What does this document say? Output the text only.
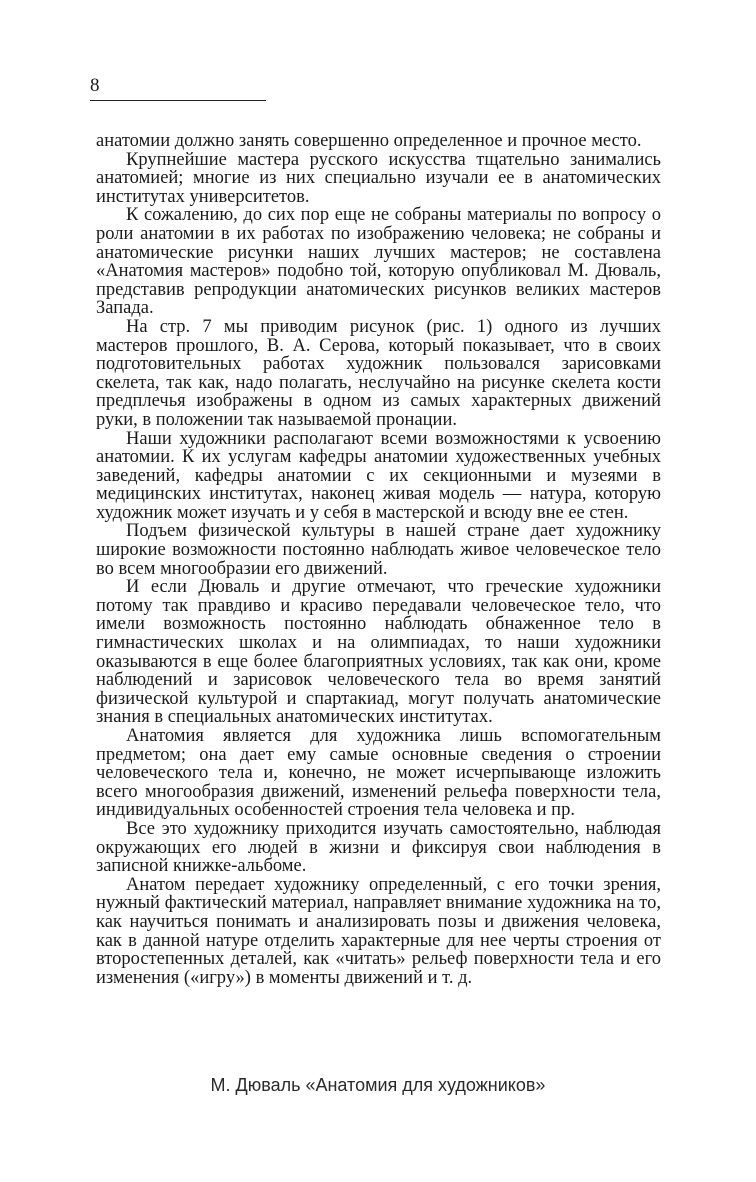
8

анатомии должно занять совершенно определенное и прочное место.

Крупнейшие мастера русского искусства тщательно занимались анатомией; многие из них специально изучали ее в анатомических институтах университетов.

К сожалению, до сих пор еще не собраны материалы по вопросу о роли анатомии в их работах по изображению человека; не собраны и анатомические рисунки наших лучших мастеров; не составлена «Анатомия мастеров» подобно той, которую опубликовал М. Дюваль, представив репродукции анатомических рисунков великих мастеров Запада.

На стр. 7 мы приводим рисунок (рис. 1) одного из лучших мастеров прошлого, В. А. Серова, который показывает, что в своих подготовительных работах художник пользовался зарисовками скелета, так как, надо полагать, неслучайно на рисунке скелета кости предплечья изображены в одном из самых характерных движений руки, в положении так называемой пронации.

Наши художники располагают всеми возможностями к усвоению анатомии. К их услугам кафедры анатомии художественных учебных заведений, кафедры анатомии с их секционными и музеями в медицинских институтах, наконец живая модель — натура, которую художник может изучать и у себя в мастерской и всюду вне ее стен.

Подъем физической культуры в нашей стране дает художнику широкие возможности постоянно наблюдать живое человеческое тело во всем многообразии его движений.

И если Дюваль и другие отмечают, что греческие художники потому так правдиво и красиво передавали человеческое тело, что имели возможность постоянно наблюдать обнаженное тело в гимнастических школах и на олимпиадах, то наши художники оказываются в еще более благоприятных условиях, так как они, кроме наблюдений и зарисовок человеческого тела во время занятий физической культурой и спартакиад, могут получать анатомические знания в специальных анатомических институтах.

Анатомия является для художника лишь вспомогательным предметом; она дает ему самые основные сведения о строении человеческого тела и, конечно, не может исчерпывающе изложить всего многообразия движений, изменений рельефа поверхности тела, индивидуальных особенностей строения тела человека и пр.

Все это художнику приходится изучать самостоятельно, наблюдая окружающих его людей в жизни и фиксируя свои наблюдения в записной книжке-альбоме.

Анатом передает художнику определенный, с его точки зрения, нужный фактический материал, направляет внимание художника на то, как научиться понимать и анализировать позы и движения человека, как в данной натуре отделить характерные для нее черты строения от второстепенных деталей, как «читать» рельеф поверхности тела и его изменения («игру») в моменты движений и т. д.

М. Дюваль «Анатомия для художников»
